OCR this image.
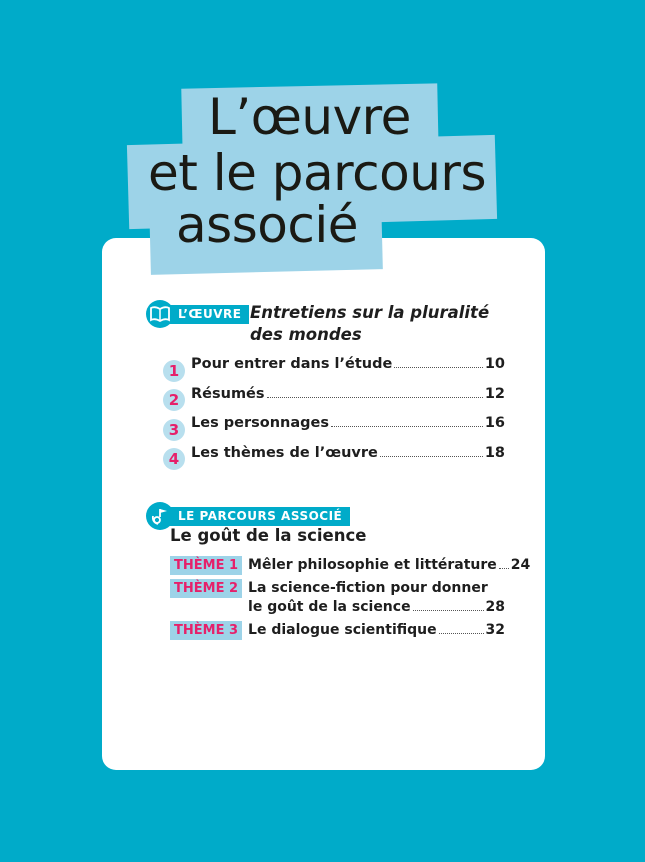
L’œuvre
et le parcours
associé
L’ŒUVRE Entretiens sur la pluralité
des mondes
1 Pour entrer dans l’étude	10
2 Résumés	12
3 Les personnages	16
4 Les thèmes de l’œuvre	18
LE PARCOURS ASSOCIÉ
Le goût de la science
THÈME 1 Mêler philosophie et littérature 24
THÈME 2 La science-fiction pour donner
le goût de la science	28
THÈME 3 Le dialogue scientifique	32
